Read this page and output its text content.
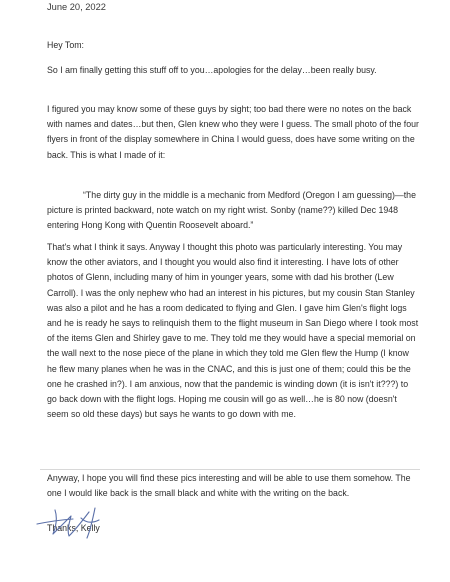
June 20, 2022

Hey Tom:

So I am finally getting this stuff off to you…apologies for the delay…been really busy.

I figured you may know some of these guys by sight; too bad there were no notes on the back with names and dates…but then, Glen knew who they were I guess. The small photo of the four flyers in front of the display somewhere in China I would guess, does have some writing on the back. This is what I made of it:

“The dirty guy in the middle is a mechanic from Medford (Oregon I am guessing)—the picture is printed backward, note watch on my right wrist. Sonby (name??) killed Dec 1948 entering Hong Kong with Quentin Roosevelt aboard.”

That's what I think it says. Anyway I thought this photo was particularly interesting. You may know the other aviators, and I thought you would also find it interesting. I have lots of other photos of Glenn, including many of him in younger years, some with dad his brother (Lew Carroll). I was the only nephew who had an interest in his pictures, but my cousin Stan Stanley was also a pilot and he has a room dedicated to flying and Glen. I gave him Glen's flight logs and he is ready he says to relinquish them to the flight museum in San Diego where I took most of the items Glen and Shirley gave to me. They told me they would have a special memorial on the wall next to the nose piece of the plane in which they told me Glen flew the Hump (I know he flew many planes when he was in the CNAC, and this is just one of them; could this be the one he crashed in?). I am anxious, now that the pandemic is winding down (it is isn't it???) to go back down with the flight logs. Hoping me cousin will go as well…he is 80 now (doesn't seem so old these days) but says he wants to go down with me.

Anyway, I hope you will find these pics interesting and will be able to use them somehow. The one I would like back is the small black and white with the writing on the back.

Thanks, Kelly
